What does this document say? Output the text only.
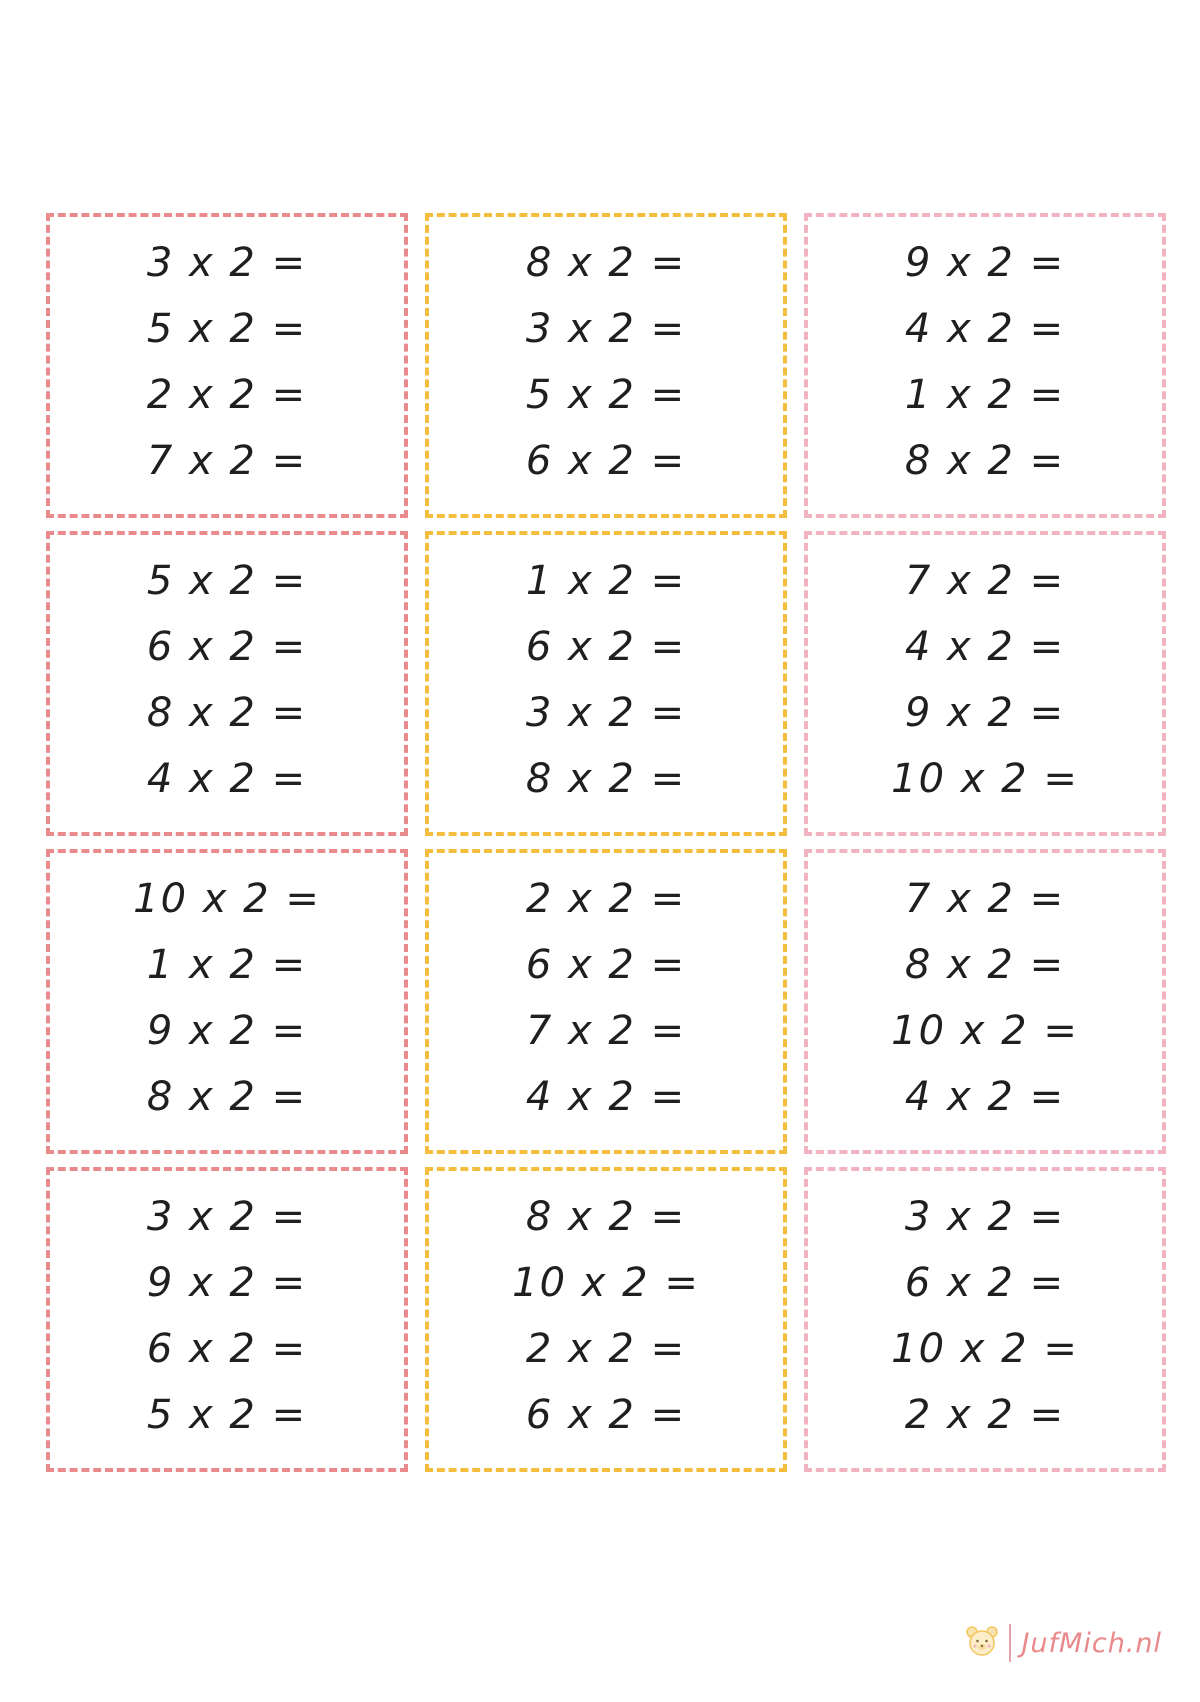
3 x 2 =
5 x 2 =
2 x 2 =
7 x 2 =
8 x 2 =
3 x 2 =
5 x 2 =
6 x 2 =
9 x 2 =
4 x 2 =
1 x 2 =
8 x 2 =
5 x 2 =
6 x 2 =
8 x 2 =
4 x 2 =
1 x 2 =
6 x 2 =
3 x 2 =
8 x 2 =
7 x 2 =
4 x 2 =
9 x 2 =
10 x 2 =
10 x 2 =
1 x 2 =
9 x 2 =
8 x 2 =
2 x 2 =
6 x 2 =
7 x 2 =
4 x 2 =
7 x 2 =
8 x 2 =
10 x 2 =
4 x 2 =
3 x 2 =
9 x 2 =
6 x 2 =
5 x 2 =
8 x 2 =
10 x 2 =
2 x 2 =
6 x 2 =
3 x 2 =
6 x 2 =
10 x 2 =
2 x 2 =
JufMich.nl
